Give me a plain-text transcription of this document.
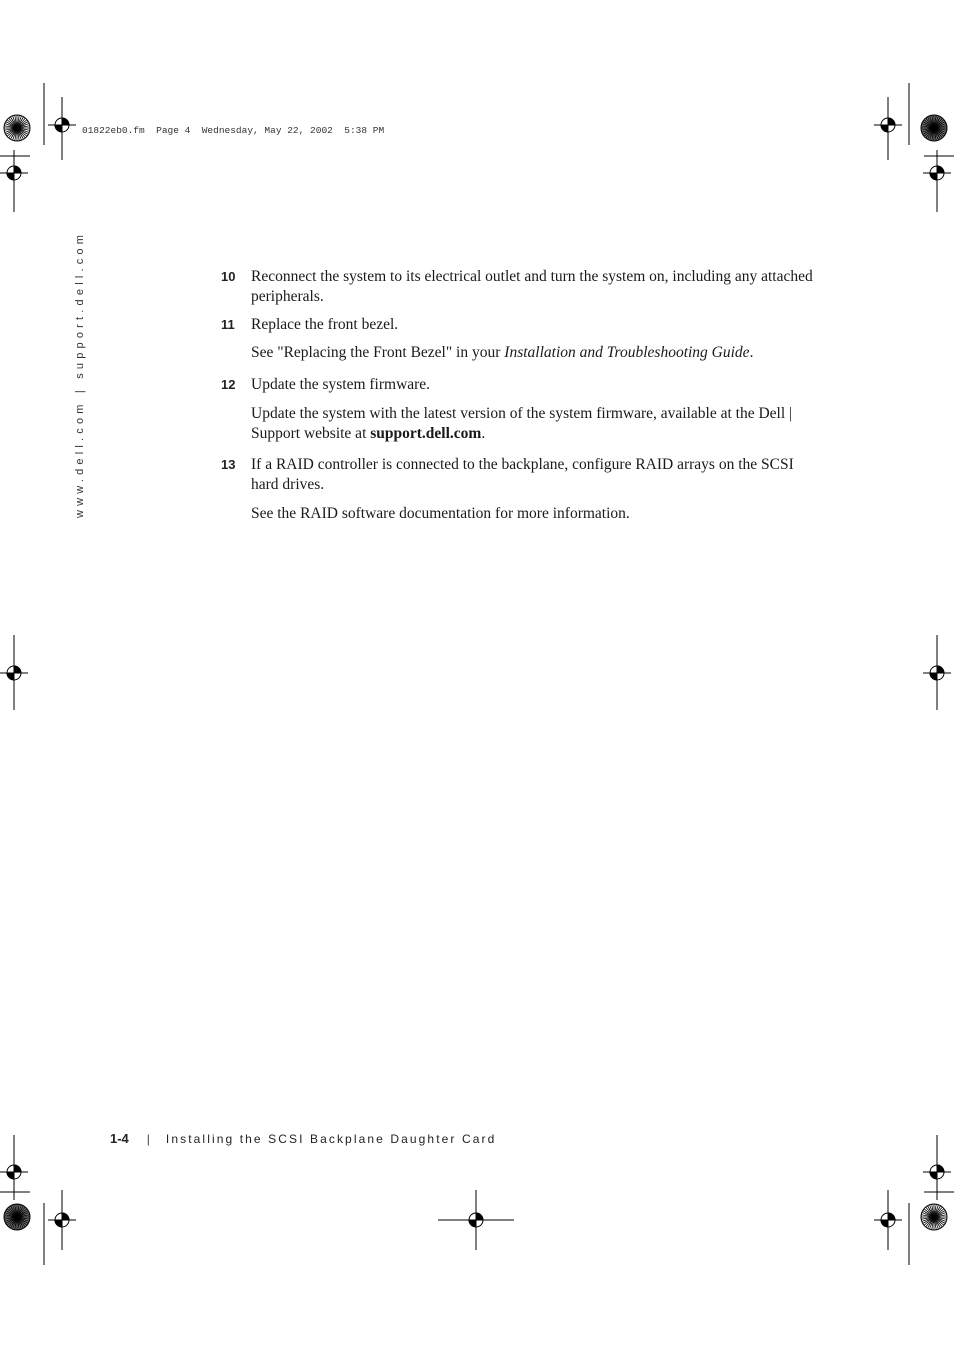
01822eb0.fm  Page 4  Wednesday, May 22, 2002  5:38 PM
www.dell.com | support.dell.com	10 Reconnect the system to its electrical outlet and turn the system on, including any attached peripherals.
11 Replace the front bezel.
See "Replacing the Front Bezel" in your Installation and Troubleshooting Guide.
12 Update the system firmware.
Update the system with the latest version of the system firmware, available at the Dell | Support website at support.dell.com.
13 If a RAID controller is connected to the backplane, configure RAID arrays on the SCSI hard drives.
See the RAID software documentation for more information.
1-4 | Installing the SCSI Backplane Daughter Card
